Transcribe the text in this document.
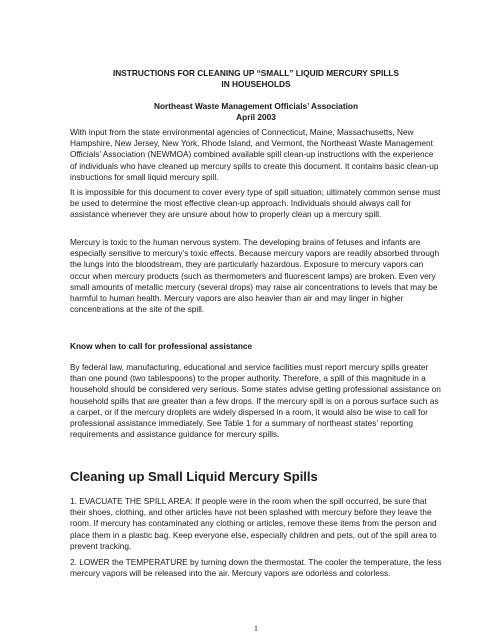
INSTRUCTIONS FOR CLEANING UP “SMALL” LIQUID MERCURY SPILLS
IN HOUSEHOLDS
Northeast Waste Management Officials’ Association
April 2003

With input from the state environmental agencies of Connecticut, Maine, Massachusetts, New Hampshire, New Jersey, New York, Rhode Island, and Vermont, the Northeast Waste Management Officials’ Association (NEWMOA) combined available spill clean-up instructions with the experience of individuals who have cleaned up mercury spills to create this document. It contains basic clean-up instructions for small liquid mercury spill.

It is impossible for this document to cover every type of spill situation; ultimately common sense must be used to determine the most effective clean-up approach. Individuals should always call for assistance whenever they are unsure about how to properly clean up a mercury spill.

Mercury is toxic to the human nervous system. The developing brains of fetuses and infants are especially sensitive to mercury’s toxic effects. Because mercury vapors are readily absorbed through the lungs into the bloodstream, they are particularly hazardous. Exposure to mercury vapors can occur when mercury products (such as thermometers and fluorescent lamps) are broken. Even very small amounts of metallic mercury (several drops) may raise air concentrations to levels that may be harmful to human health. Mercury vapors are also heavier than air and may linger in higher concentrations at the site of the spill.

Know when to call for professional assistance

By federal law, manufacturing, educational and service facilities must report mercury spills greater than one pound (two tablespoons) to the proper authority. Therefore, a spill of this magnitude in a household should be considered very serious. Some states advise getting professional assistance on household spills that are greater than a few drops. If the mercury spill is on a porous surface such as a carpet, or if the mercury droplets are widely dispersed in a room, it would also be wise to call for professional assistance immediately. See Table 1 for a summary of northeast states’ reporting requirements and assistance guidance for mercury spills.

Cleaning up Small Liquid Mercury Spills

1. EVACUATE THE SPILL AREA: If people were in the room when the spill occurred, be sure that their shoes, clothing, and other articles have not been splashed with mercury before they leave the room. If mercury has contaminated any clothing or articles, remove these items from the person and place them in a plastic bag. Keep everyone else, especially children and pets, out of the spill area to prevent tracking.

2. LOWER the TEMPERATURE by turning down the thermostat. The cooler the temperature, the less mercury vapors will be released into the air. Mercury vapors are odorless and colorless.

1
